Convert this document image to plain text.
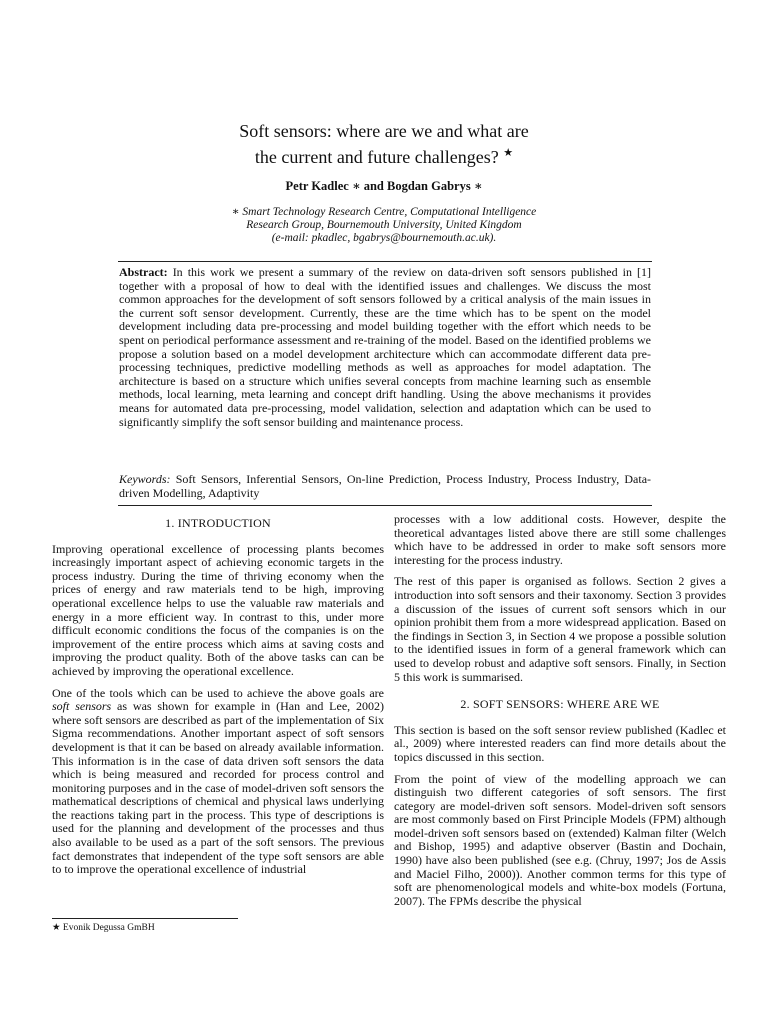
Soft sensors: where are we and what are
the current and future challenges? ★
Petr Kadlec ∗ and Bogdan Gabrys ∗
∗ Smart Technology Research Centre, Computational Intelligence
Research Group, Bournemouth University, United Kingdom
(e-mail: pkadlec, bgabrys@bournemouth.ac.uk).
Abstract: In this work we present a summary of the review on data-driven soft sensors published in [1] together with a proposal of how to deal with the identified issues and challenges. We discuss the most common approaches for the development of soft sensors followed by a critical analysis of the main issues in the current soft sensor development. Currently, these are the time which has to be spent on the model development including data pre-processing and model building together with the effort which needs to be spent on periodical performance assessment and re-training of the model. Based on the identified problems we propose a solution based on a model development architecture which can accommodate different data pre-processing techniques, predictive modelling methods as well as approaches for model adaptation. The architecture is based on a structure which unifies several concepts from machine learning such as ensemble methods, local learning, meta learning and concept drift handling. Using the above mechanisms it provides means for automated data pre-processing, model validation, selection and adaptation which can be used to significantly simplify the soft sensor building and maintenance process.
Keywords: Soft Sensors, Inferential Sensors, On-line Prediction, Process Industry, Process Industry, Data-driven Modelling, Adaptivity
1. INTRODUCTION

Improving operational excellence of processing plants becomes increasingly important aspect of achieving economic targets in the process industry. During the time of thriving economy when the prices of energy and raw materials tend to be high, improving operational excellence helps to use the valuable raw materials and energy in a more efficient way. In contrast to this, under more difficult economic conditions the focus of the companies is on the improvement of the entire process which aims at saving costs and improving the product quality. Both of the above tasks can can be achieved by improving the operational excellence.

One of the tools which can be used to achieve the above goals are soft sensors as was shown for example in (Han and Lee, 2002) where soft sensors are described as part of the implementation of Six Sigma recommendations. Another important aspect of soft sensors development is that it can be based on already available information. This information is in the case of data driven soft sensors the data which is being measured and recorded for process control and monitoring purposes and in the case of model-driven soft sensors the mathematical descriptions of chemical and physical laws underlying the reactions taking part in the process. This type of descriptions is used for the planning and development of the processes and thus also available to be used as a part of the soft sensors. The previous fact demonstrates that independent of the type soft sensors are able to to improve the operational excellence of industrial

processes with a low additional costs. However, despite the theoretical advantages listed above there are still some challenges which have to be addressed in order to make soft sensors more interesting for the process industry.

The rest of this paper is organised as follows. Section 2 gives a introduction into soft sensors and their taxonomy. Section 3 provides a discussion of the issues of current soft sensors which in our opinion prohibit them from a more widespread application. Based on the findings in Section 3, in Section 4 we propose a possible solution to the identified issues in form of a general framework which can used to develop robust and adaptive soft sensors. Finally, in Section 5 this work is summarised.

2. SOFT SENSORS: WHERE ARE WE

This section is based on the soft sensor review published (Kadlec et al., 2009) where interested readers can find more details about the topics discussed in this section.

From the point of view of the modelling approach we can distinguish two different categories of soft sensors. The first category are model-driven soft sensors. Model-driven soft sensors are most commonly based on First Principle Models (FPM) although model-driven soft sensors based on (extended) Kalman filter (Welch and Bishop, 1995) and adaptive observer (Bastin and Dochain, 1990) have also been published (see e.g. (Chruy, 1997; Jos de Assis and Maciel Filho, 2000)). Another common terms for this type of soft are phenomenological models and white-box models (Fortuna, 2007). The FPMs describe the physical

★ Evonik Degussa GmBH
